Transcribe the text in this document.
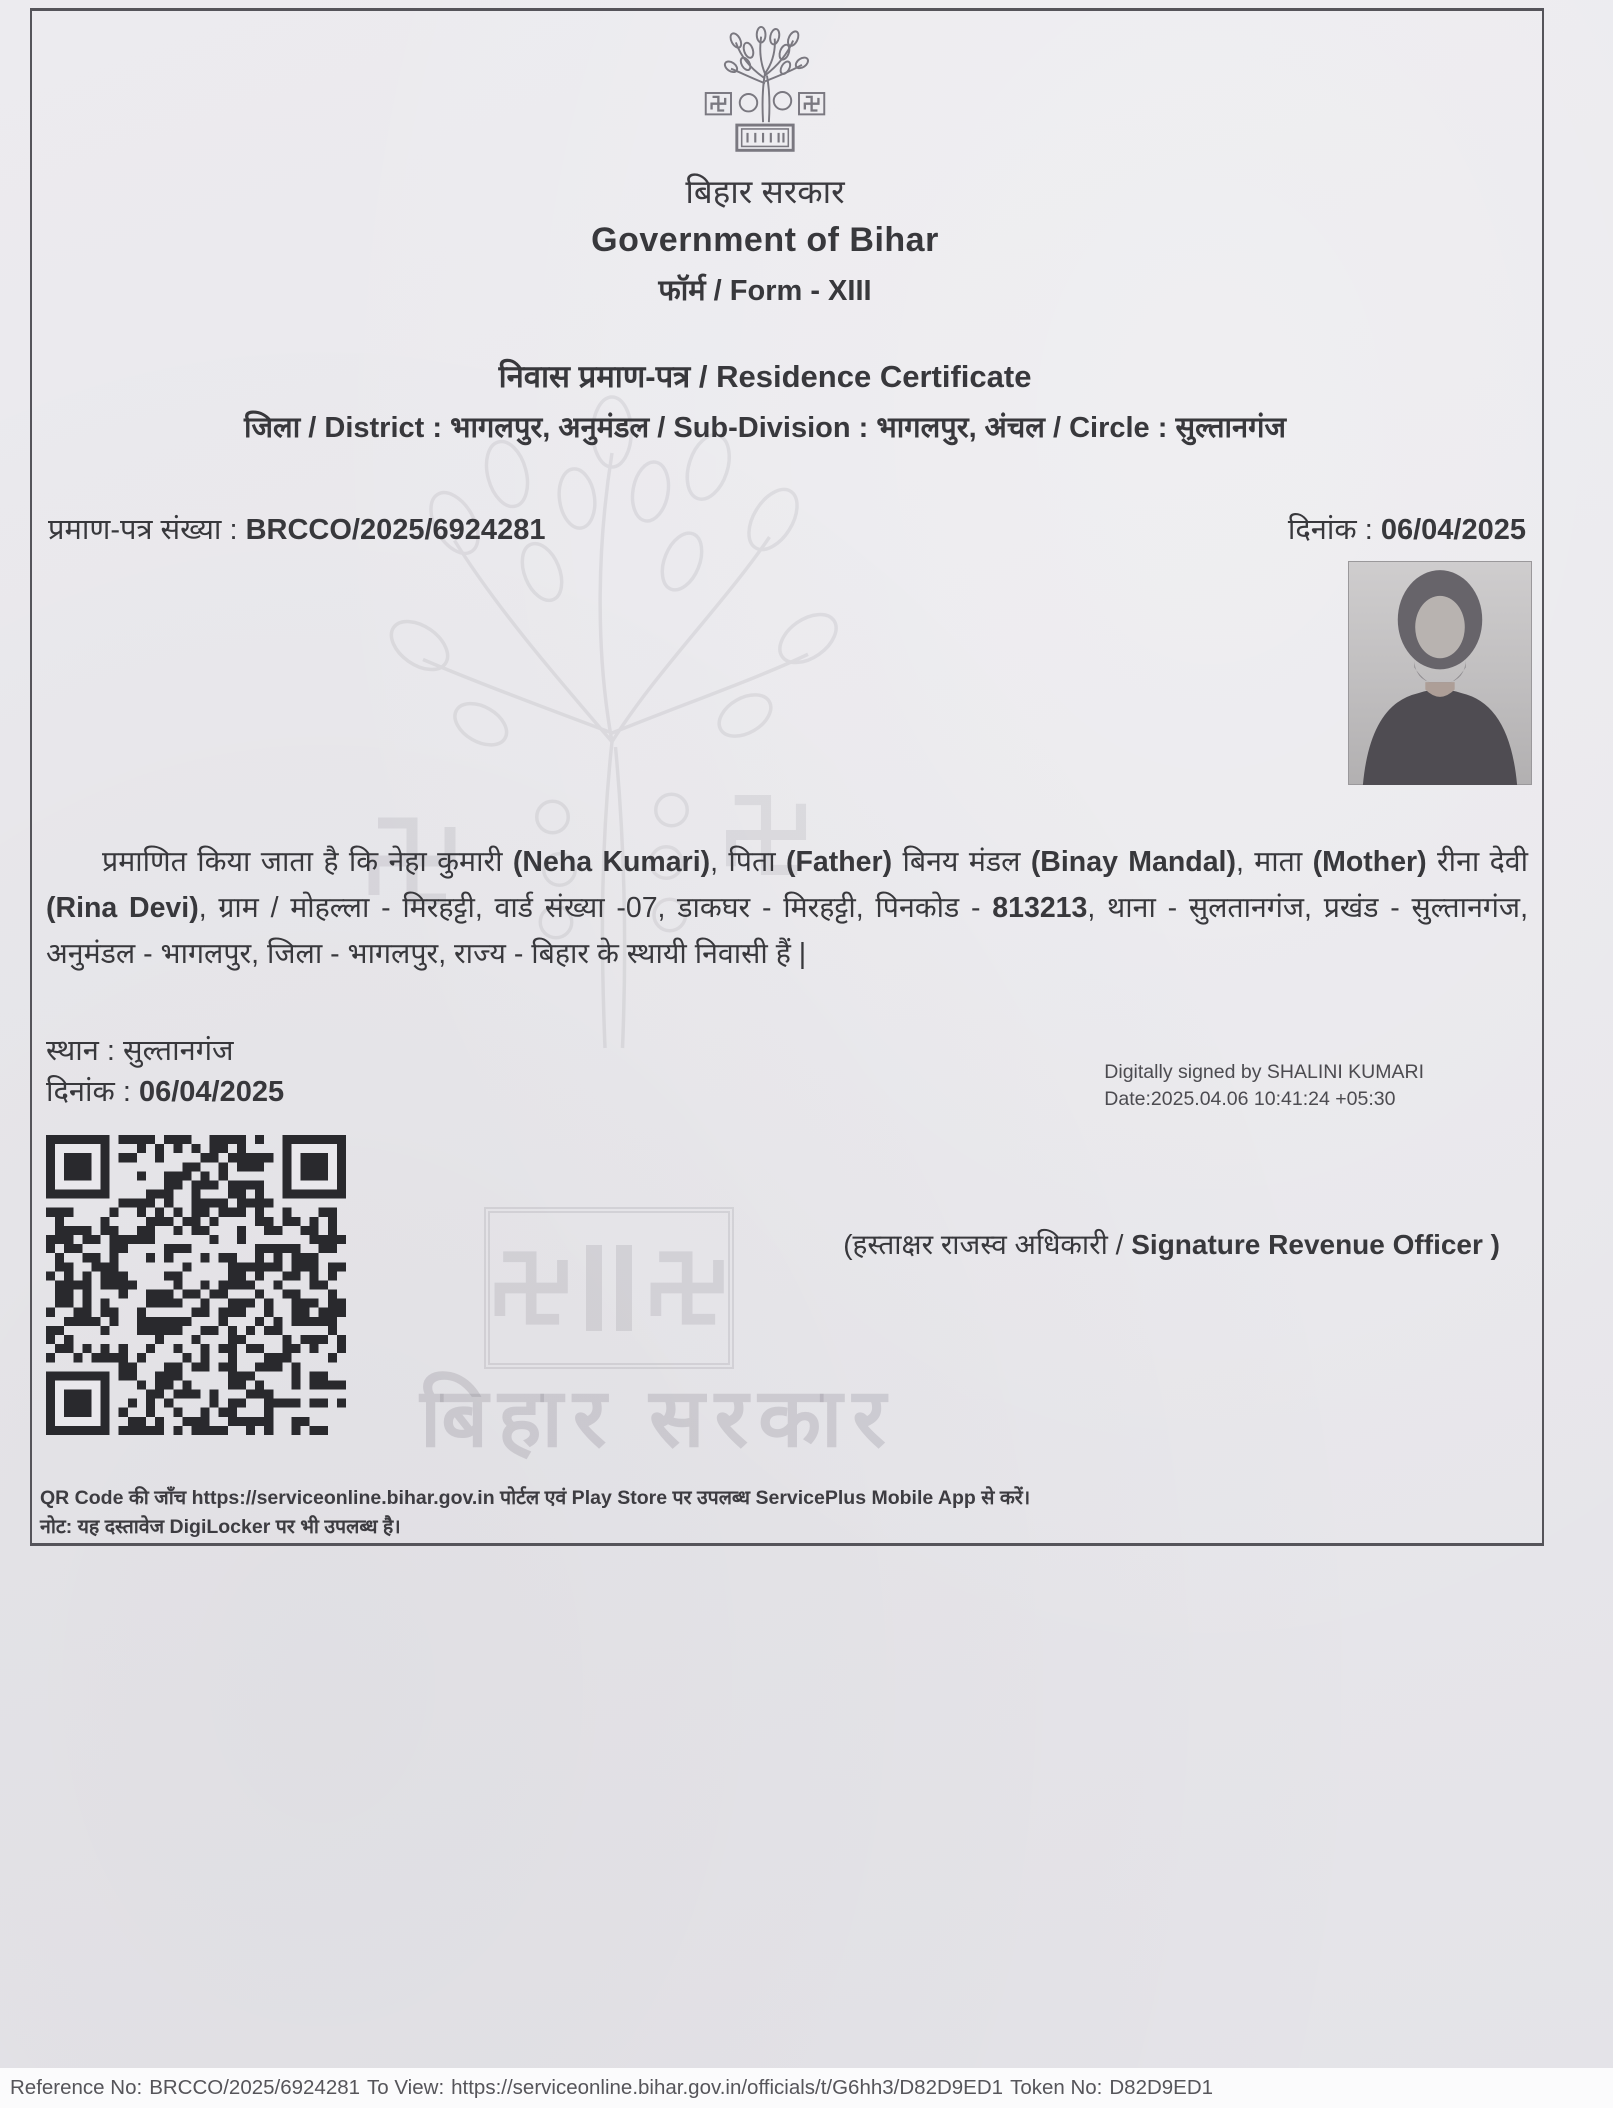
बिहार सरकार
बिहार सरकार
Government of Bihar
फॉर्म / Form - XIII
निवास प्रमाण-पत्र / Residence Certificate
जिला / District : भागलपुर, अनुमंडल / Sub-Division : भागलपुर, अंचल / Circle : सुल्तानगंज
प्रमाण-पत्र संख्या : BRCCO/2025/6924281	दिनांक : 06/04/2025

प्रमाणित किया जाता है कि नेहा कुमारी (Neha Kumari), पिता (Father) बिनय मंडल (Binay Mandal), माता (Mother) रीना देवी (Rina Devi), ग्राम / मोहल्ला - मिरहट्टी, वार्ड संख्या -07, डाकघर - मिरहट्टी, पिनकोड - 813213, थाना - सुलतानगंज, प्रखंड - सुल्तानगंज, अनुमंडल - भागलपुर, जिला - भागलपुर, राज्य - बिहार के स्थायी निवासी हैं |

स्थान : सुल्तानगंज
दिनांक : 06/04/2025
Digitally signed by SHALINI KUMARI
Date:2025.04.06 10:41:24 +05:30
(हस्ताक्षर राजस्व अधिकारी / Signature Revenue Officer )
QR Code की जाँच https://serviceonline.bihar.gov.in पोर्टल एवं Play Store पर उपलब्ध ServicePlus Mobile App से करें।
नोट: यह दस्तावेज DigiLocker पर भी उपलब्ध है।
Reference No: BRCCO/2025/6924281 To View: https://serviceonline.bihar.gov.in/officials/t/G6hh3/D82D9ED1 Token No: D82D9ED1
